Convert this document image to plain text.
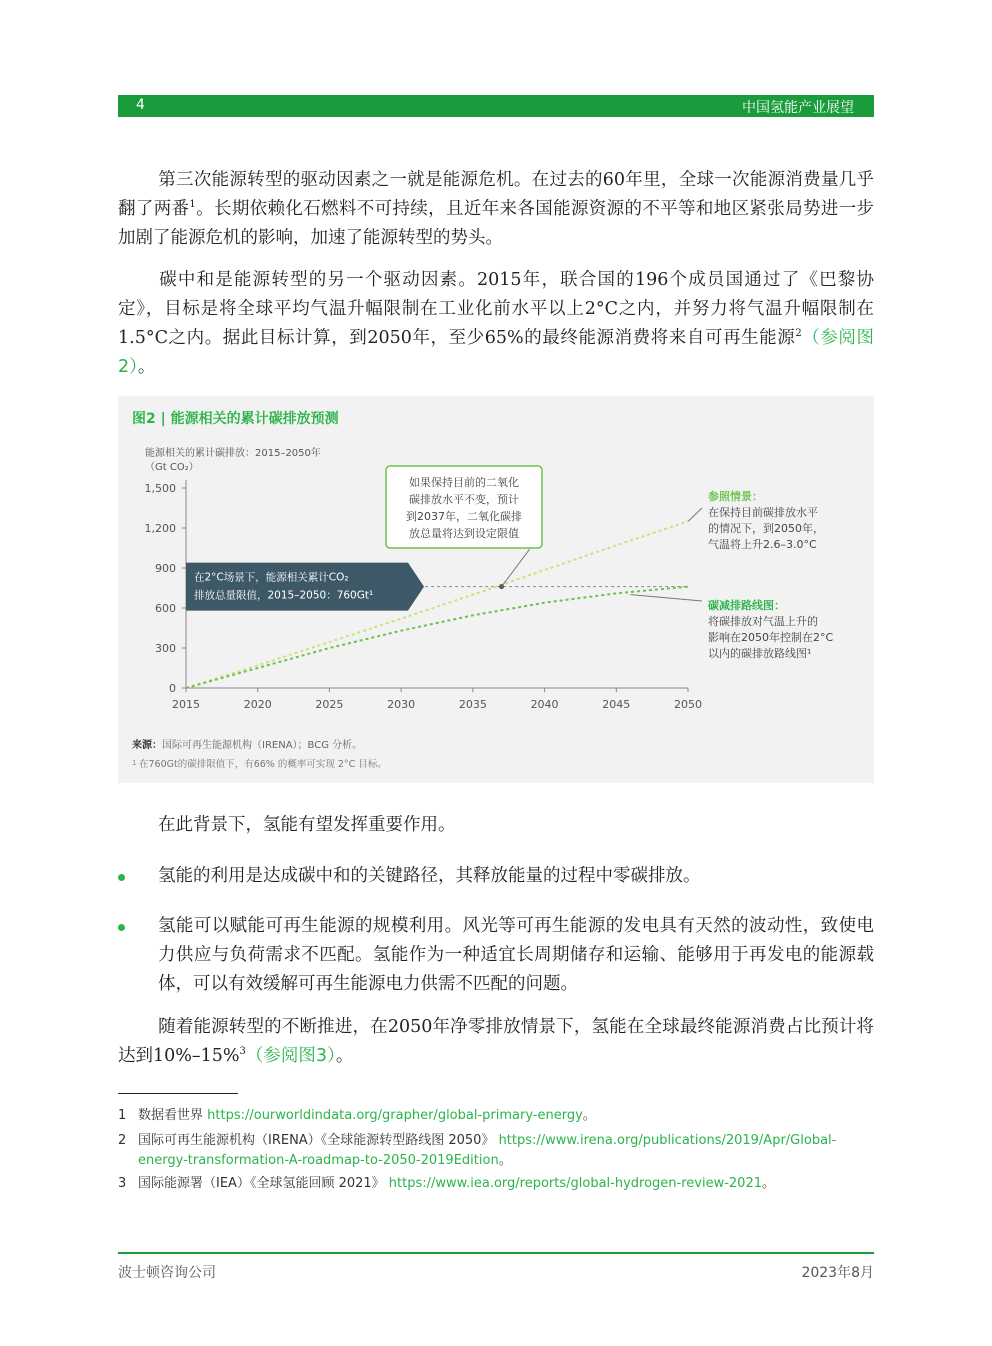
4	中国氢能产业展望
第三次能源转型的驱动因素之一就是能源危机。在过去的60年里，全球一次能源消费量几乎翻了两番$^1$。长期依赖化石燃料不可持续，且近年来各国能源资源的不平等和地区紧张局势进一步加剧了能源危机的影响，加速了能源转型的势头。
碳中和是能源转型的另一个驱动因素。2015年，联合国的196个成员国通过了《巴黎协定》，目标是将全球平均气温升幅限制在工业化前水平以上2°C之内，并努力将气温升幅限制在1.5°C之内。据此目标计算，到2050年，至少65%的最终能源消费将来自可再生能源$^2$（参阅图2）。
图2 | 能源相关的累计碳排放预测
能源相关的累计碳排放：2015–2050年
（Gt CO₂）
0
300
600
900
1,200
1,500
2015	2020	2025	2030	2035	2040	2045	2050
在2°C场景下，能源相关累计CO₂
排放总量限值，2015–2050：760Gt¹
如果保持目前的二氧化
碳排放水平不变，预计
到2037年，二氧化碳排
放总量将达到设定限值
参照情景：
在保持目前碳排放水平
的情况下，到2050年，
气温将上升2.6–3.0°C
碳减排路线图：
将碳排放对气温上升的
影响在2050年控制在2°C
以内的碳排放路线图¹
来源：国际可再生能源机构（IRENA）；BCG 分析。
1 在760Gt的碳排限值下，有66% 的概率可实现 2°C 目标。
在此背景下，氢能有望发挥重要作用。
氢能的利用是达成碳中和的关键路径，其释放能量的过程中零碳排放。
氢能可以赋能可再生能源的规模利用。风光等可再生能源的发电具有天然的波动性，致使电力供应与负荷需求不匹配。氢能作为一种适宜长周期储存和运输、能够用于再发电的能源载体，可以有效缓解可再生能源电力供需不匹配的问题。
随着能源转型的不断推进，在2050年净零排放情景下，氢能在全球最终能源消费占比预计将达到10%–15%$^3$（参阅图3）。
1 数据看世界 https://ourworldindata.org/grapher/global-primary-energy。
2 国际可再生能源机构（IRENA）《全球能源转型路线图 2050》 https://www.irena.org/publications/2019/Apr/Global-energy-transformation-A-roadmap-to-2050-2019Edition。
3 国际能源署（IEA）《全球氢能回顾 2021》 https://www.iea.org/reports/global-hydrogen-review-2021。
波士顿咨询公司	2023年8月
